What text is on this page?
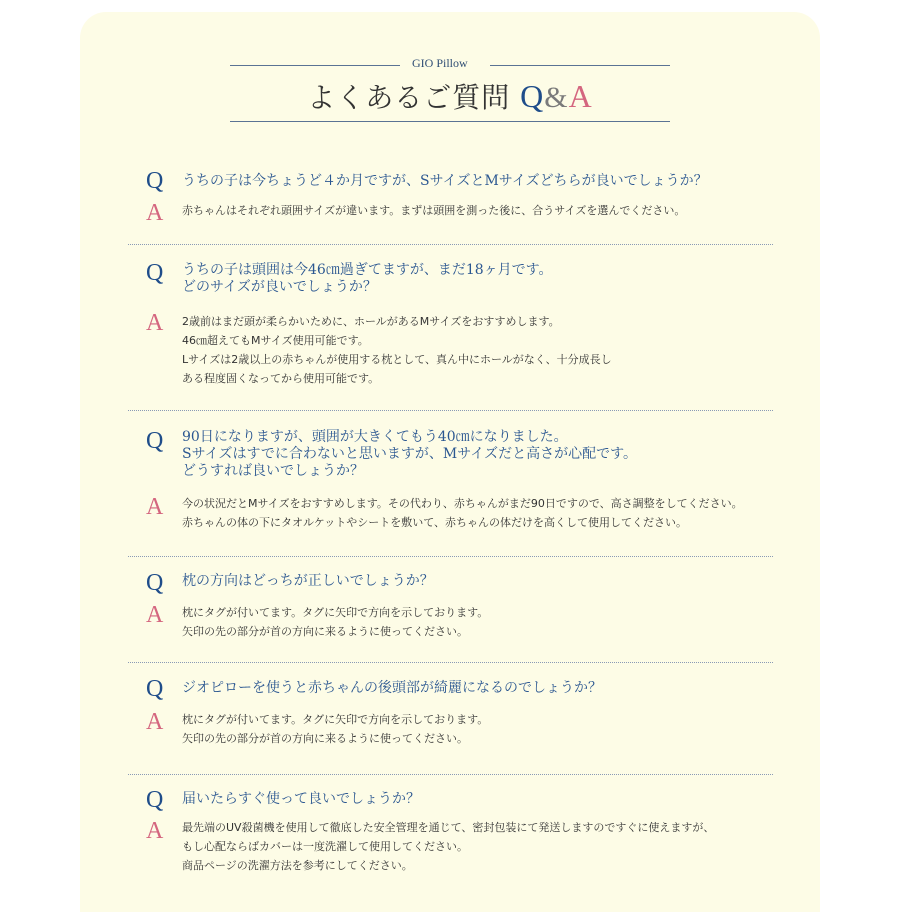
GIO Pillow
よくあるご質問 Q&A
Q うちの子は今ちょうど４か月ですが、SサイズとMサイズどちらが良いでしょうか？
A 赤ちゃんはそれぞれ頭囲サイズが違います。まずは頭囲を測った後に、合うサイズを選んでください。
Q うちの子は頭囲は今46㎝過ぎてますが、まだ18ヶ月です。
どのサイズが良いでしょうか？
A 2歳前はまだ頭が柔らかいために、ホールがあるMサイズをおすすめします。
46㎝超えてもMサイズ使用可能です。
Lサイズは2歳以上の赤ちゃんが使用する枕として、真ん中にホールがなく、十分成長し
ある程度固くなってから使用可能です。
Q 90日になりますが、頭囲が大きくてもう40㎝になりました。
Sサイズはすでに合わないと思いますが、Mサイズだと高さが心配です。
どうすれば良いでしょうか？
A 今の状況だとMサイズをおすすめします。その代わり、赤ちゃんがまだ90日ですので、高さ調整をしてください。
赤ちゃんの体の下にタオルケットやシートを敷いて、赤ちゃんの体だけを高くして使用してください。
Q 枕の方向はどっちが正しいでしょうか？
A 枕にタグが付いてます。タグに矢印で方向を示しております。
矢印の先の部分が首の方向に来るように使ってください。
Q ジオピローを使うと赤ちゃんの後頭部が綺麗になるのでしょうか？
A 枕にタグが付いてます。タグに矢印で方向を示しております。
矢印の先の部分が首の方向に来るように使ってください。
Q 届いたらすぐ使って良いでしょうか？
A 最先端のUV殺菌機を使用して徹底した安全管理を通じて、密封包装にて発送しますのですぐに使えますが、
もし心配ならばカバーは一度洗濯して使用してください。
商品ページの洗濯方法を参考にしてください。
